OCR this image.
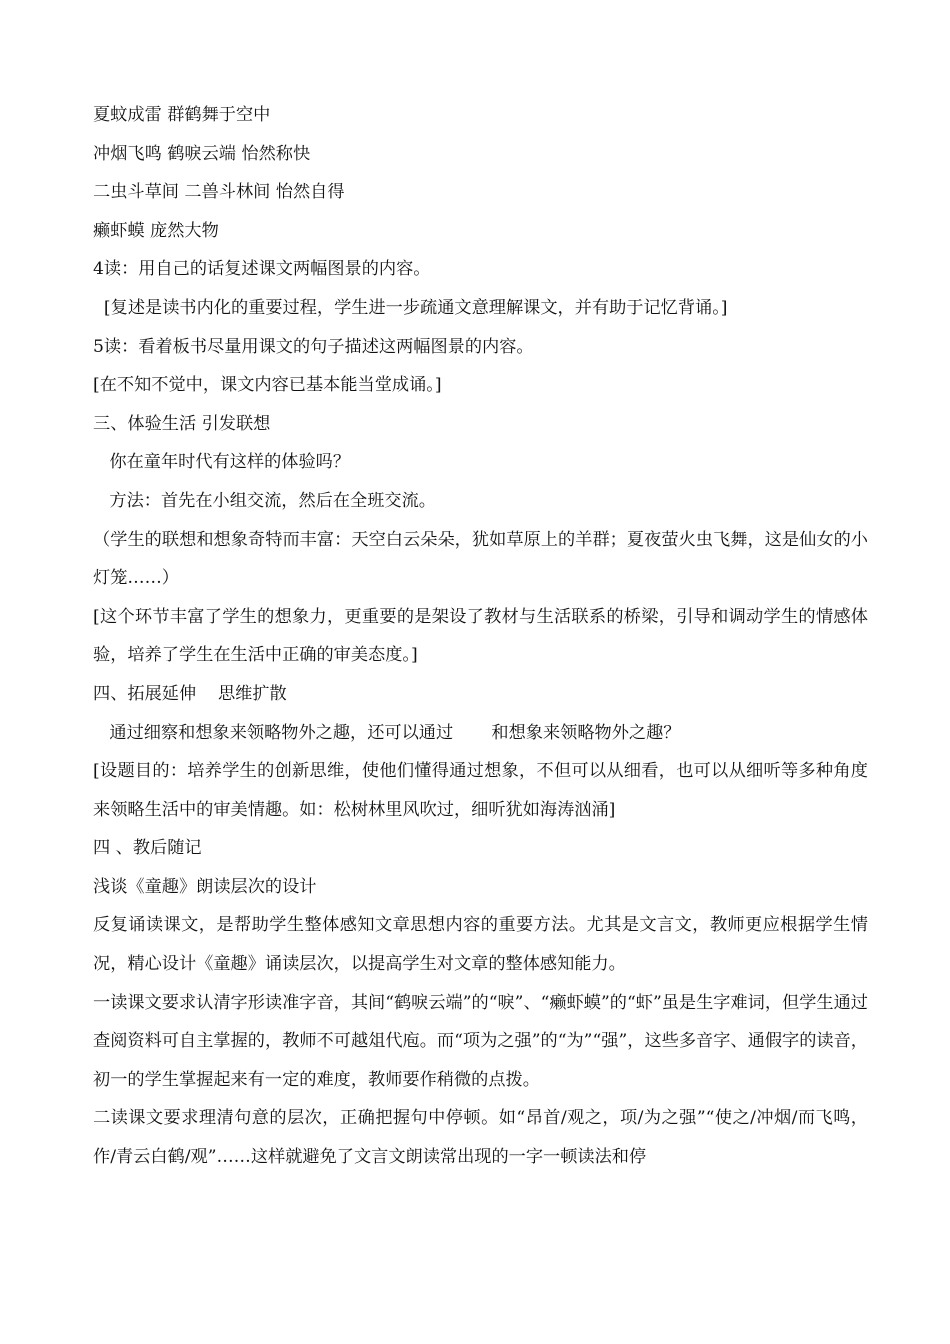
夏蚊成雷 群鹤舞于空中
冲烟飞鸣 鹤唳云端 怡然称快
二虫斗草间 二兽斗林间 怡然自得
癞虾蟆 庞然大物
4读：用自己的话复述课文两幅图景的内容。
[复述是读书内化的重要过程，学生进一步疏通文意理解课文，并有助于记忆背诵。]
5读：看着板书尽量用课文的句子描述这两幅图景的内容。
[在不知不觉中，课文内容已基本能当堂成诵。]
三、体验生活 引发联想
你在童年时代有这样的体验吗？
方法：首先在小组交流，然后在全班交流。

（学生的联想和想象奇特而丰富：天空白云朵朵，犹如草原上的羊群；夏夜萤火虫飞舞，这是仙女的小灯笼……）

[这个环节丰富了学生的想象力，更重要的是架设了教材与生活联系的桥梁，引导和调动学生的情感体验，培养了学生在生活中正确的审美态度。]

四、拓展延伸    思维扩散
通过细察和想象来领略物外之趣，还可以通过       和想象来领略物外之趣？

[设题目的：培养学生的创新思维，使他们懂得通过想象，不但可以从细看，也可以从细听等多种角度来领略生活中的审美情趣。如：松树林里风吹过，细听犹如海涛汹涌]

四 、教后随记
浅谈《童趣》朗读层次的设计

反复诵读课文，是帮助学生整体感知文章思想内容的重要方法。尤其是文言文，教师更应根据学生情况，精心设计《童趣》诵读层次，以提高学生对文章的整体感知能力。

一读课文要求认清字形读准字音，其间“鹤唳云端”的“唳”、“癞虾蟆”的“虾”虽是生字难词，但学生通过查阅资料可自主掌握的，教师不可越俎代庖。而“项为之强”的“为”“强”，这些多音字、通假字的读音，初一的学生掌握起来有一定的难度，教师要作稍微的点拨。

二读课文要求理清句意的层次，正确把握句中停顿。如“昂首/观之，项/为之强”“使之/冲烟/而飞鸣，作/青云白鹤/观”……这样就避免了文言文朗读常出现的一字一顿读法和停
